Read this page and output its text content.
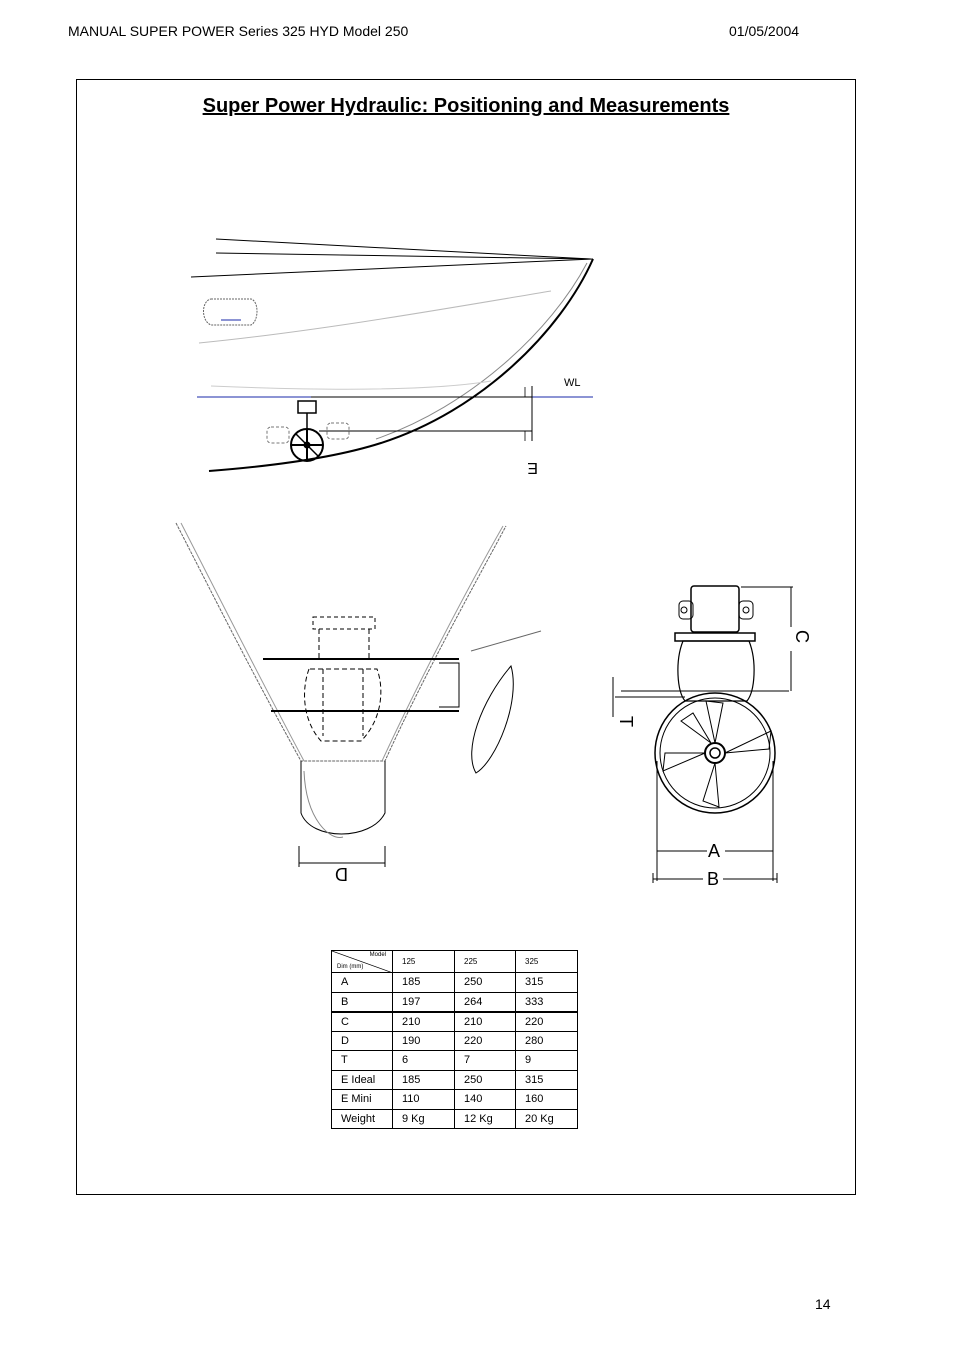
MANUAL SUPER POWER Series 325 HYD Model 250	01/05/2004
Super Power Hydraulic: Positioning and Measurements
WL
E
D
C
T
A
B
Model
Dim (mm)	125	225	325
A	185	250	315
B	197	264	333
C	210	210	220
D	190	220	280
T	6	7	9
E Ideal	185	250	315
E Mini	110	140	160
Weight	9 Kg	12 Kg	20 Kg
14
